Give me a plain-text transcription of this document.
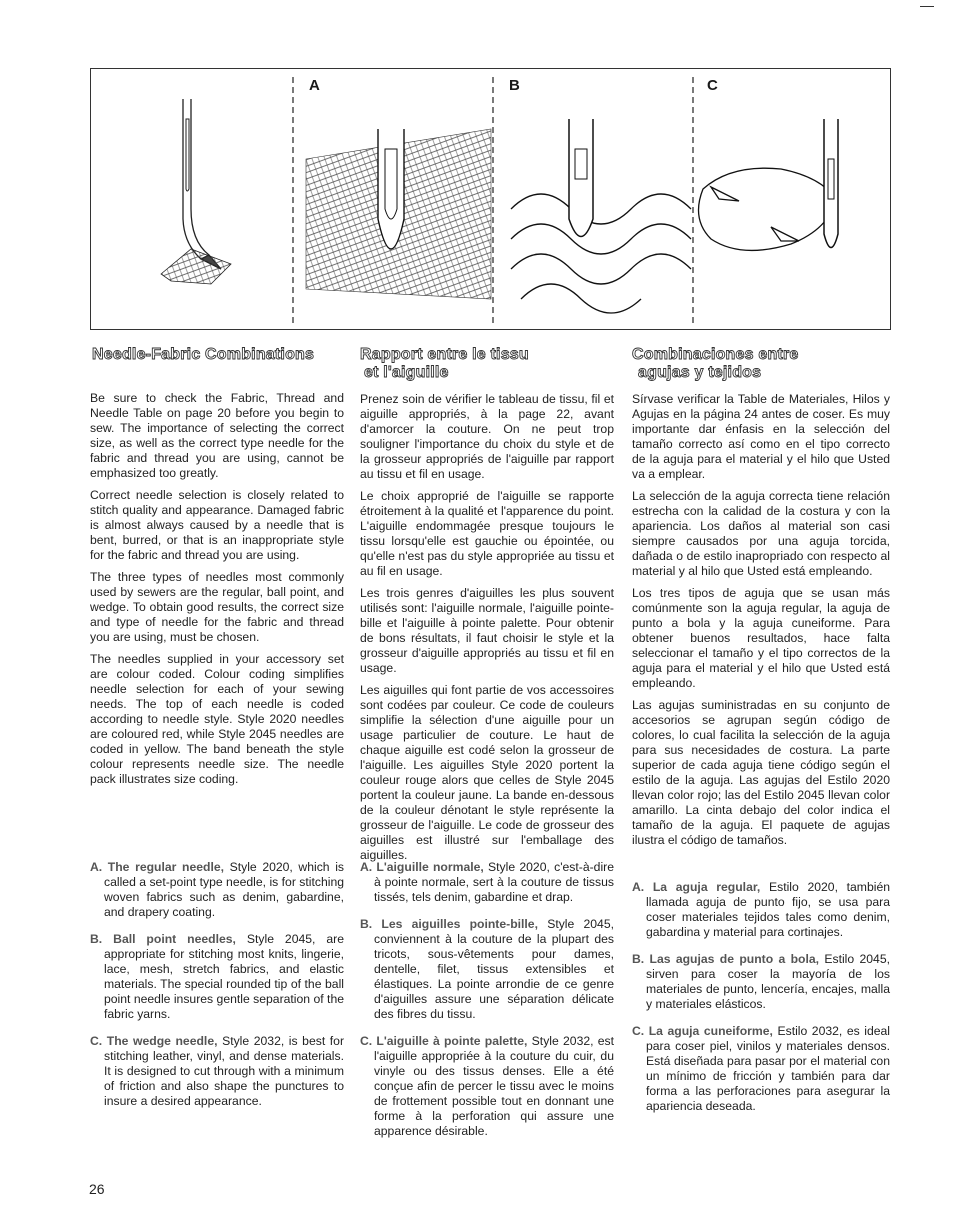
A	B	C
Needle-Fabric Combinations

Be sure to check the Fabric, Thread and Needle Table on page 20 before you begin to sew. The importance of selecting the correct size, as well as the correct type needle for the fabric and thread you are using, cannot be emphasized too greatly.

Correct needle selection is closely related to stitch quality and appearance. Damaged fabric is almost always caused by a needle that is bent, burred, or that is an inappropriate style for the fabric and thread you are using.

The three types of needles most commonly used by sewers are the regular, ball point, and wedge. To obtain good results, the correct size and type of needle for the fabric and thread you are using, must be chosen.

The needles supplied in your accessory set are colour coded. Colour coding simplifies needle selection for each of your sewing needs. The top of each needle is coded according to needle style. Style 2020 needles are coloured red, while Style 2045 needles are coded in yellow. The band beneath the style colour represents needle size. The needle pack illustrates size coding.

A. The regular needle, Style 2020, which is called a set-point type needle, is for stitching woven fabrics such as denim, gabardine, and drapery coating.

B. Ball point needles, Style 2045, are appropriate for stitching most knits, lingerie, lace, mesh, stretch fabrics, and elastic materials. The special rounded tip of the ball point needle insures gentle separation of the fabric yarns.

C. The wedge needle, Style 2032, is best for stitching leather, vinyl, and dense materials. It is designed to cut through with a minimum of friction and also shape the punctures to insure a desired appearance.

Rapport entre le tissu
et l'aiguille

Prenez soin de vérifier le tableau de tissu, fil et aiguille appropriés, à la page 22, avant d'amorcer la couture. On ne peut trop souligner l'importance du choix du style et de la grosseur appropriés de l'aiguille par rapport au tissu et fil en usage.

Le choix approprié de l'aiguille se rapporte étroitement à la qualité et l'apparence du point. L'aiguille endommagée presque toujours le tissu lorsqu'elle est gauchie ou épointée, ou qu'elle n'est pas du style appropriée au tissu et au fil en usage.

Les trois genres d'aiguilles les plus souvent utilisés sont: l'aiguille normale, l'aiguille pointe-bille et l'aiguille à pointe palette. Pour obtenir de bons résultats, il faut choisir le style et la grosseur d'aiguille appropriés au tissu et fil en usage.

Les aiguilles qui font partie de vos accessoires sont codées par couleur. Ce code de couleurs simplifie la sélection d'une aiguille pour un usage particulier de couture. Le haut de chaque aiguille est codé selon la grosseur de l'aiguille. Les aiguilles Style 2020 portent la couleur rouge alors que celles de Style 2045 portent la couleur jaune. La bande en-dessous de la couleur dénotant le style représente la grosseur de l'aiguille. Le code de grosseur des aiguilles est illustré sur l'emballage des aiguilles.

A. L'aiguille normale, Style 2020, c'est-à-dire à pointe normale, sert à la couture de tissus tissés, tels denim, gabardine et drap.

B. Les aiguilles pointe-bille, Style 2045, conviennent à la couture de la plupart des tricots, sous-vêtements pour dames, dentelle, filet, tissus extensibles et élastiques. La pointe arrondie de ce genre d'aiguilles assure une séparation délicate des fibres du tissu.

C. L'aiguille à pointe palette, Style 2032, est l'aiguille appropriée à la couture du cuir, du vinyle ou des tissus denses. Elle a été conçue afin de percer le tissu avec le moins de frottement possible tout en donnant une forme à la perforation qui assure une apparence désirable.

Combinaciones entre
agujas y tejidos

Sírvase verificar la Table de Materiales, Hilos y Agujas en la página 24 antes de coser. Es muy importante dar énfasis en la selección del tamaño correcto así como en el tipo correcto de la aguja para el material y el hilo que Usted va a emplear.

La selección de la aguja correcta tiene relación estrecha con la calidad de la costura y con la apariencia. Los daños al material son casi siempre causados por una aguja torcida, dañada o de estilo inapropriado con respecto al material y al hilo que Usted está empleando.

Los tres tipos de aguja que se usan más comúnmente son la aguja regular, la aguja de punto a bola y la aguja cuneiforme. Para obtener buenos resultados, hace falta seleccionar el tamaño y el tipo correctos de la aguja para el material y el hilo que Usted está empleando.

Las agujas suministradas en su conjunto de accesorios se agrupan según código de colores, lo cual facilita la selección de la aguja para sus necesidades de costura. La parte superior de cada aguja tiene código según el estilo de la aguja. Las agujas del Estilo 2020 llevan color rojo; las del Estilo 2045 llevan color amarillo. La cinta debajo del color indica el tamaño de la aguja. El paquete de agujas ilustra el código de tamaños.

A. La aguja regular, Estilo 2020, también llamada aguja de punto fijo, se usa para coser materiales tejidos tales como denim, gabardina y material para cortinajes.

B. Las agujas de punto a bola, Estilo 2045, sirven para coser la mayoría de los materiales de punto, lencería, encajes, malla y materiales elásticos.

C. La aguja cuneiforme, Estilo 2032, es ideal para coser piel, vinilos y materiales densos. Está diseñada para pasar por el material con un mínimo de fricción y también para dar forma a las perforaciones para asegurar la apariencia deseada.

26
